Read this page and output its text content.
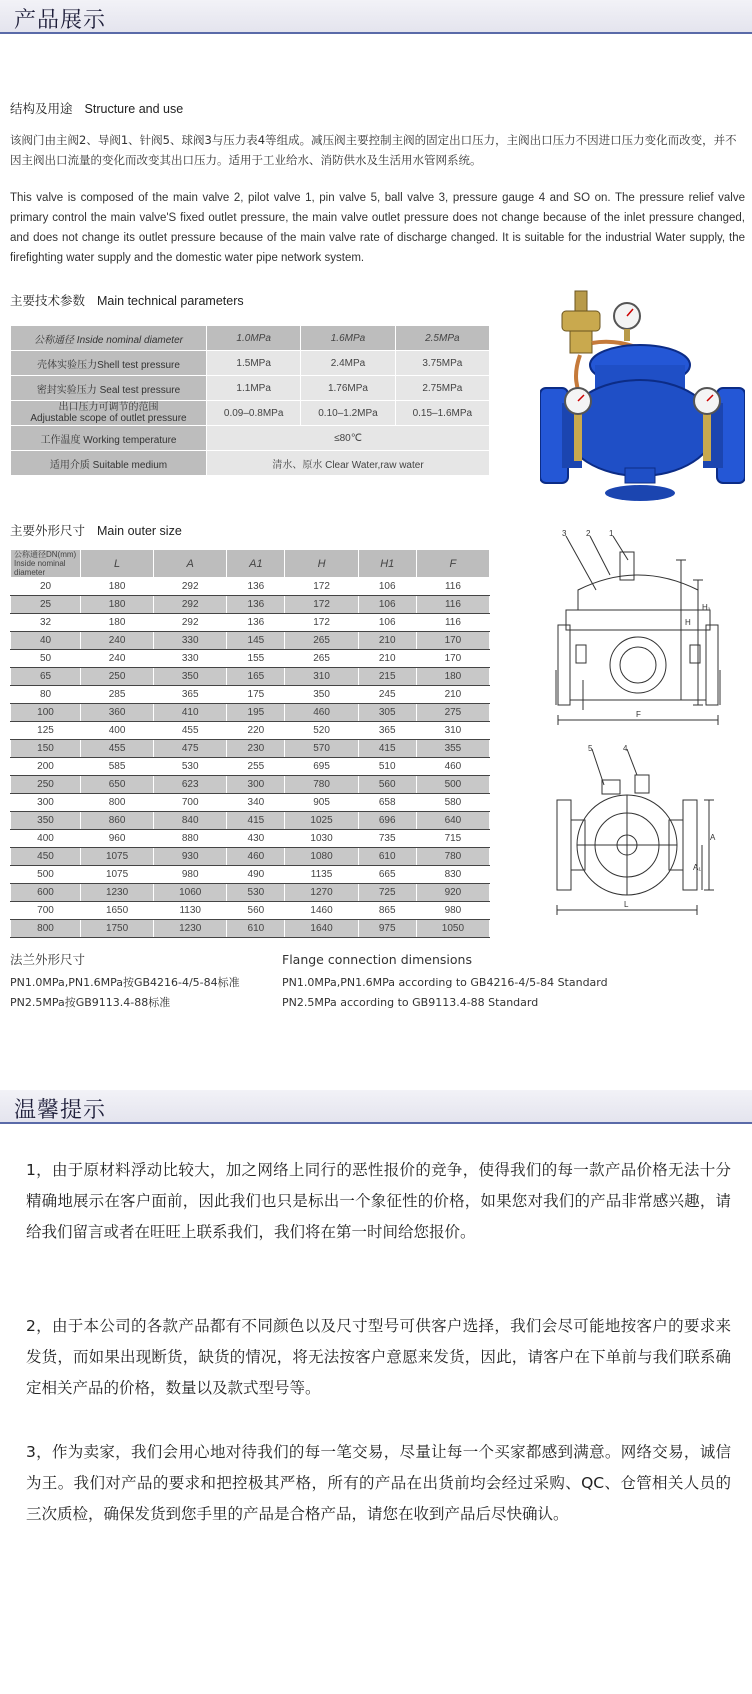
产品展示
结构及用途 Structure and use
该阀门由主阀2、导阀1、针阀5、球阀3与压力表4等组成。减压阀主要控制主阀的固定出口压力，主阀出口压力不因进口压力变化而改变，并不因主阀出口流量的变化而改变其出口压力。适用于工业给水、消防供水及生活用水管网系统。
This valve is composed of the main valve 2, pilot valve 1, pin valve 5, ball valve 3, pressure gauge 4 and SO on. The pressure relief valve primary control the main valve'S fixed outlet pressure, the main valve outlet pressure does not change because of the inlet pressure changed, and does not change its outlet pressure because of the main valve rate of discharge changed. It is suitable for the industrial Water supply, the firefighting water supply and the domestic water pipe network system.
主要技术参数 Main technical parameters
公称通径 Inside nominal diameter	1.0MPa	1.6MPa	2.5MPa
壳体实验压力Shell test pressure	1.5MPa	2.4MPa	3.75MPa
密封实验压力 Seal test pressure	1.1MPa	1.76MPa	2.75MPa

出口压力可调节的范围
Adjustable scope of outlet pressure	0.09–0.8MPa	0.10–1.2MPa	0.15–1.6MPa
工作温度 Working temperature	≤80℃		
适用介质 Suitable medium	清水、原水 Clear Water,raw water		
主要外形尺寸 Main outer size
公称通径DN(mm)
Inside nominal diameter	L	A	A1	H	H1	F
20	180	292	136	172	106	116
25	180	292	136	172	106	116
32	180	292	136	172	106	116
40	240	330	145	265	210	170
50	240	330	155	265	210	170
65	250	350	165	310	215	180
80	285	365	175	350	245	210
100	360	410	195	460	305	275
125	400	455	220	520	365	310
150	455	475	230	570	415	355
200	585	530	255	695	510	460
250	650	623	300	780	560	500
300	800	700	340	905	658	580
350	860	840	415	1025	696	640
400	960	880	430	1030	735	715
450	1075	930	460	1080	610	780
500	1075	980	490	1135	665	830
600	1230	1060	530	1270	725	920
700	1650	1130	560	1460	865	980
800	1750	1230	610	1640	975	1050
3 2 1
H₁
H
F
5	4
A
A₁
L
法兰外形尺寸
PN1.0MPa,PN1.6MPa按GB4216-4/5-84标准
PN2.5MPa按GB9113.4-88标准
Flange connection dimensions
PN1.0MPa,PN1.6MPa according to GB4216-4/5-84 Standard
PN2.5MPa according to GB9113.4-88 Standard
温馨提示
1，由于原材料浮动比较大，加之网络上同行的恶性报价的竞争，使得我们的每一款产品价格无法十分精确地展示在客户面前，因此我们也只是标出一个象征性的价格，如果您对我们的产品非常感兴趣，请给我们留言或者在旺旺上联系我们，我们将在第一时间给您报价。
2，由于本公司的各款产品都有不同颜色以及尺寸型号可供客户选择，我们会尽可能地按客户的要求来发货，而如果出现断货，缺货的情况，将无法按客户意愿来发货，因此，请客户在下单前与我们联系确定相关产品的价格，数量以及款式型号等。
3，作为卖家，我们会用心地对待我们的每一笔交易，尽量让每一个买家都感到满意。网络交易，诚信为王。我们对产品的要求和把控极其严格，所有的产品在出货前均会经过采购、QC、仓管相关人员的三次质检，确保发货到您手里的产品是合格产品，请您在收到产品后尽快确认。
